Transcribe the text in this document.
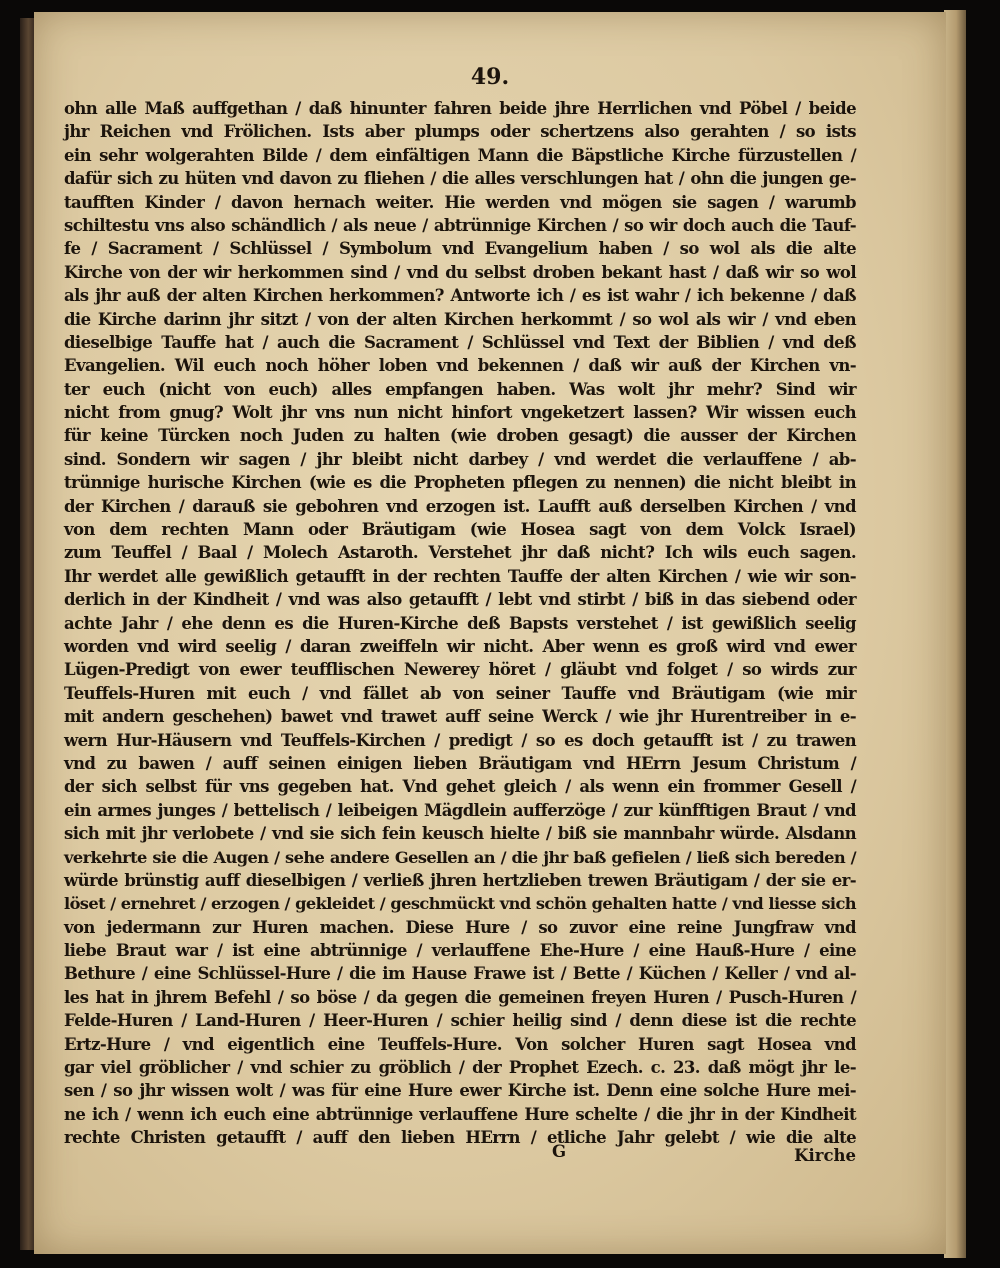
49.
ohn alle Maß auffgethan / daß hinunter fahren beide jhre Herrlichen vnd Pöbel / beide
jhr Reichen vnd Frölichen. Ists aber plumps oder schertzens also gerahten / so ists
ein sehr wolgerahten Bilde / dem einfältigen Mann die Bäpstliche Kirche fürzustellen /
dafür sich zu hüten vnd davon zu fliehen / die alles verschlungen hat / ohn die jungen ge-
taufften Kinder / davon hernach weiter. Hie werden vnd mögen sie sagen / warumb
schiltestu vns also schändlich / als neue / abtrünnige Kirchen / so wir doch auch die Tauf-
fe / Sacrament / Schlüssel / Symbolum vnd Evangelium haben / so wol als die alte
Kirche von der wir herkommen sind / vnd du selbst droben bekant hast / daß wir so wol
als jhr auß der alten Kirchen herkommen? Antworte ich / es ist wahr / ich bekenne / daß
die Kirche darinn jhr sitzt / von der alten Kirchen herkommt / so wol als wir / vnd eben
dieselbige Tauffe hat / auch die Sacrament / Schlüssel vnd Text der Biblien / vnd deß
Evangelien. Wil euch noch höher loben vnd bekennen / daß wir auß der Kirchen vn-
ter euch (nicht von euch) alles empfangen haben. Was wolt jhr mehr? Sind wir
nicht from gnug? Wolt jhr vns nun nicht hinfort vngeketzert lassen? Wir wissen euch
für keine Türcken noch Juden zu halten (wie droben gesagt) die ausser der Kirchen
sind. Sondern wir sagen / jhr bleibt nicht darbey / vnd werdet die verlauffene / ab-
trünnige hurische Kirchen (wie es die Propheten pflegen zu nennen) die nicht bleibt in
der Kirchen / darauß sie gebohren vnd erzogen ist. Laufft auß derselben Kirchen / vnd
von dem rechten Mann oder Bräutigam (wie Hosea sagt von dem Volck Israel)
zum Teuffel / Baal / Molech Astaroth. Verstehet jhr daß nicht? Ich wils euch sagen.
Ihr werdet alle gewißlich getaufft in der rechten Tauffe der alten Kirchen / wie wir son-
derlich in der Kindheit / vnd was also getaufft / lebt vnd stirbt / biß in das siebend oder
achte Jahr / ehe denn es die Huren-Kirche deß Bapsts verstehet / ist gewißlich seelig
worden vnd wird seelig / daran zweiffeln wir nicht. Aber wenn es groß wird vnd ewer
Lügen-Predigt von ewer teufflischen Newerey höret / gläubt vnd folget / so wirds zur
Teuffels-Huren mit euch / vnd fället ab von seiner Tauffe vnd Bräutigam (wie mir
mit andern geschehen) bawet vnd trawet auff seine Werck / wie jhr Hurentreiber in e-
wern Hur-Häusern vnd Teuffels-Kirchen / predigt / so es doch getaufft ist / zu trawen
vnd zu bawen / auff seinen einigen lieben Bräutigam vnd HErrn Jesum Christum /
der sich selbst für vns gegeben hat. Vnd gehet gleich / als wenn ein frommer Gesell /
ein armes junges / bettelisch / leibeigen Mägdlein aufferzöge / zur künfftigen Braut / vnd
sich mit jhr verlobete / vnd sie sich fein keusch hielte / biß sie mannbahr würde. Alsdann
verkehrte sie die Augen / sehe andere Gesellen an / die jhr baß gefielen / ließ sich bereden /
würde brünstig auff dieselbigen / verließ jhren hertzlieben trewen Bräutigam / der sie er-
löset / ernehret / erzogen / gekleidet / geschmückt vnd schön gehalten hatte / vnd liesse sich
von jedermann zur Huren machen. Diese Hure / so zuvor eine reine Jungfraw vnd
liebe Braut war / ist eine abtrünnige / verlauffene Ehe-Hure / eine Hauß-Hure / eine
Bethure / eine Schlüssel-Hure / die im Hause Frawe ist / Bette / Küchen / Keller / vnd al-
les hat in jhrem Befehl / so böse / da gegen die gemeinen freyen Huren / Pusch-Huren /
Felde-Huren / Land-Huren / Heer-Huren / schier heilig sind / denn diese ist die rechte
Ertz-Hure / vnd eigentlich eine Teuffels-Hure. Von solcher Huren sagt Hosea vnd
gar viel gröblicher / vnd schier zu gröblich / der Prophet Ezech. c. 23. daß mögt jhr le-
sen / so jhr wissen wolt / was für eine Hure ewer Kirche ist. Denn eine solche Hure mei-
ne ich / wenn ich euch eine abtrünnige verlauffene Hure schelte / die jhr in der Kindheit
rechte Christen getaufft / auff den lieben HErrn / etliche Jahr gelebt / wie die alte
G	Kirche
